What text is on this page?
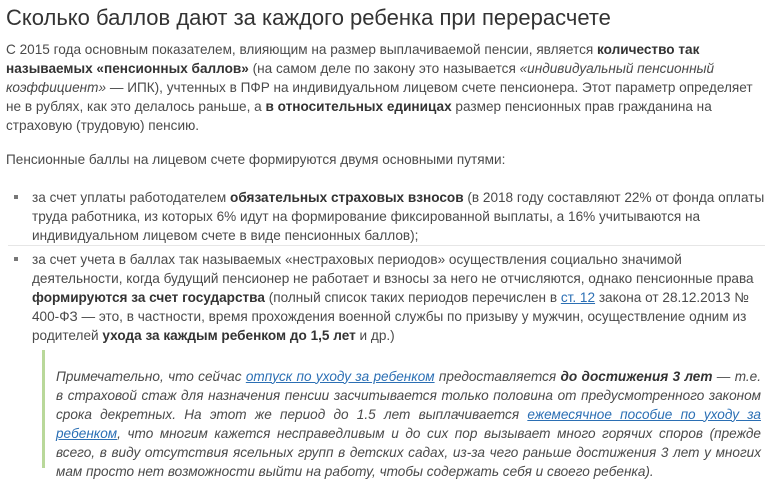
Сколько баллов дают за каждого ребенка при перерасчете

С 2015 года основным показателем, влияющим на размер выплачиваемой пенсии, является количество так называемых «пенсионных баллов» (на самом деле по закону это называется «индивидуальный пенсионный коэффициент» — ИПК), учтенных в ПФР на индивидуальном лицевом счете пенсионера. Этот параметр определяет не в рублях, как это делалось раньше, а в относительных единицах размер пенсионных прав гражданина на страховую (трудовую) пенсию.

Пенсионные баллы на лицевом счете формируются двумя основными путями:

за счет уплаты работодателем обязательных страховых взносов (в 2018 году составляют 22% от фонда оплаты труда работника, из которых 6% идут на формирование фиксированной выплаты, а 16% учитываются на индивидуальном лицевом счете в виде пенсионных баллов);
за счет учета в баллах так называемых «нестраховых периодов» осуществления социально значимой деятельности, когда будущий пенсионер не работает и взносы за него не отчисляются, однако пенсионные права формируются за счет государства (полный список таких периодов перечислен в ст. 12 закона от 28.12.2013 № 400-ФЗ — это, в частности, время прохождения военной службы по призыву у мужчин, осуществление одним из родителей ухода за каждым ребенком до 1,5 лет и др.)

Примечательно, что сейчас отпуск по уходу за ребенком предоставляется до достижения 3 лет — т.е. в страховой стаж для назначения пенсии засчитывается только половина от предусмотренного законом срока декретных. На этот же период до 1.5 лет выплачивается ежемесячное пособие по уходу за ребенком, что многим кажется несправедливым и до сих пор вызывает много горячих споров (прежде всего, в виду отсутствия ясельных групп в детских садах, из-за чего раньше достижения 3 лет у многих мам просто нет возможности выйти на работу, чтобы содержать себя и своего ребенка).
